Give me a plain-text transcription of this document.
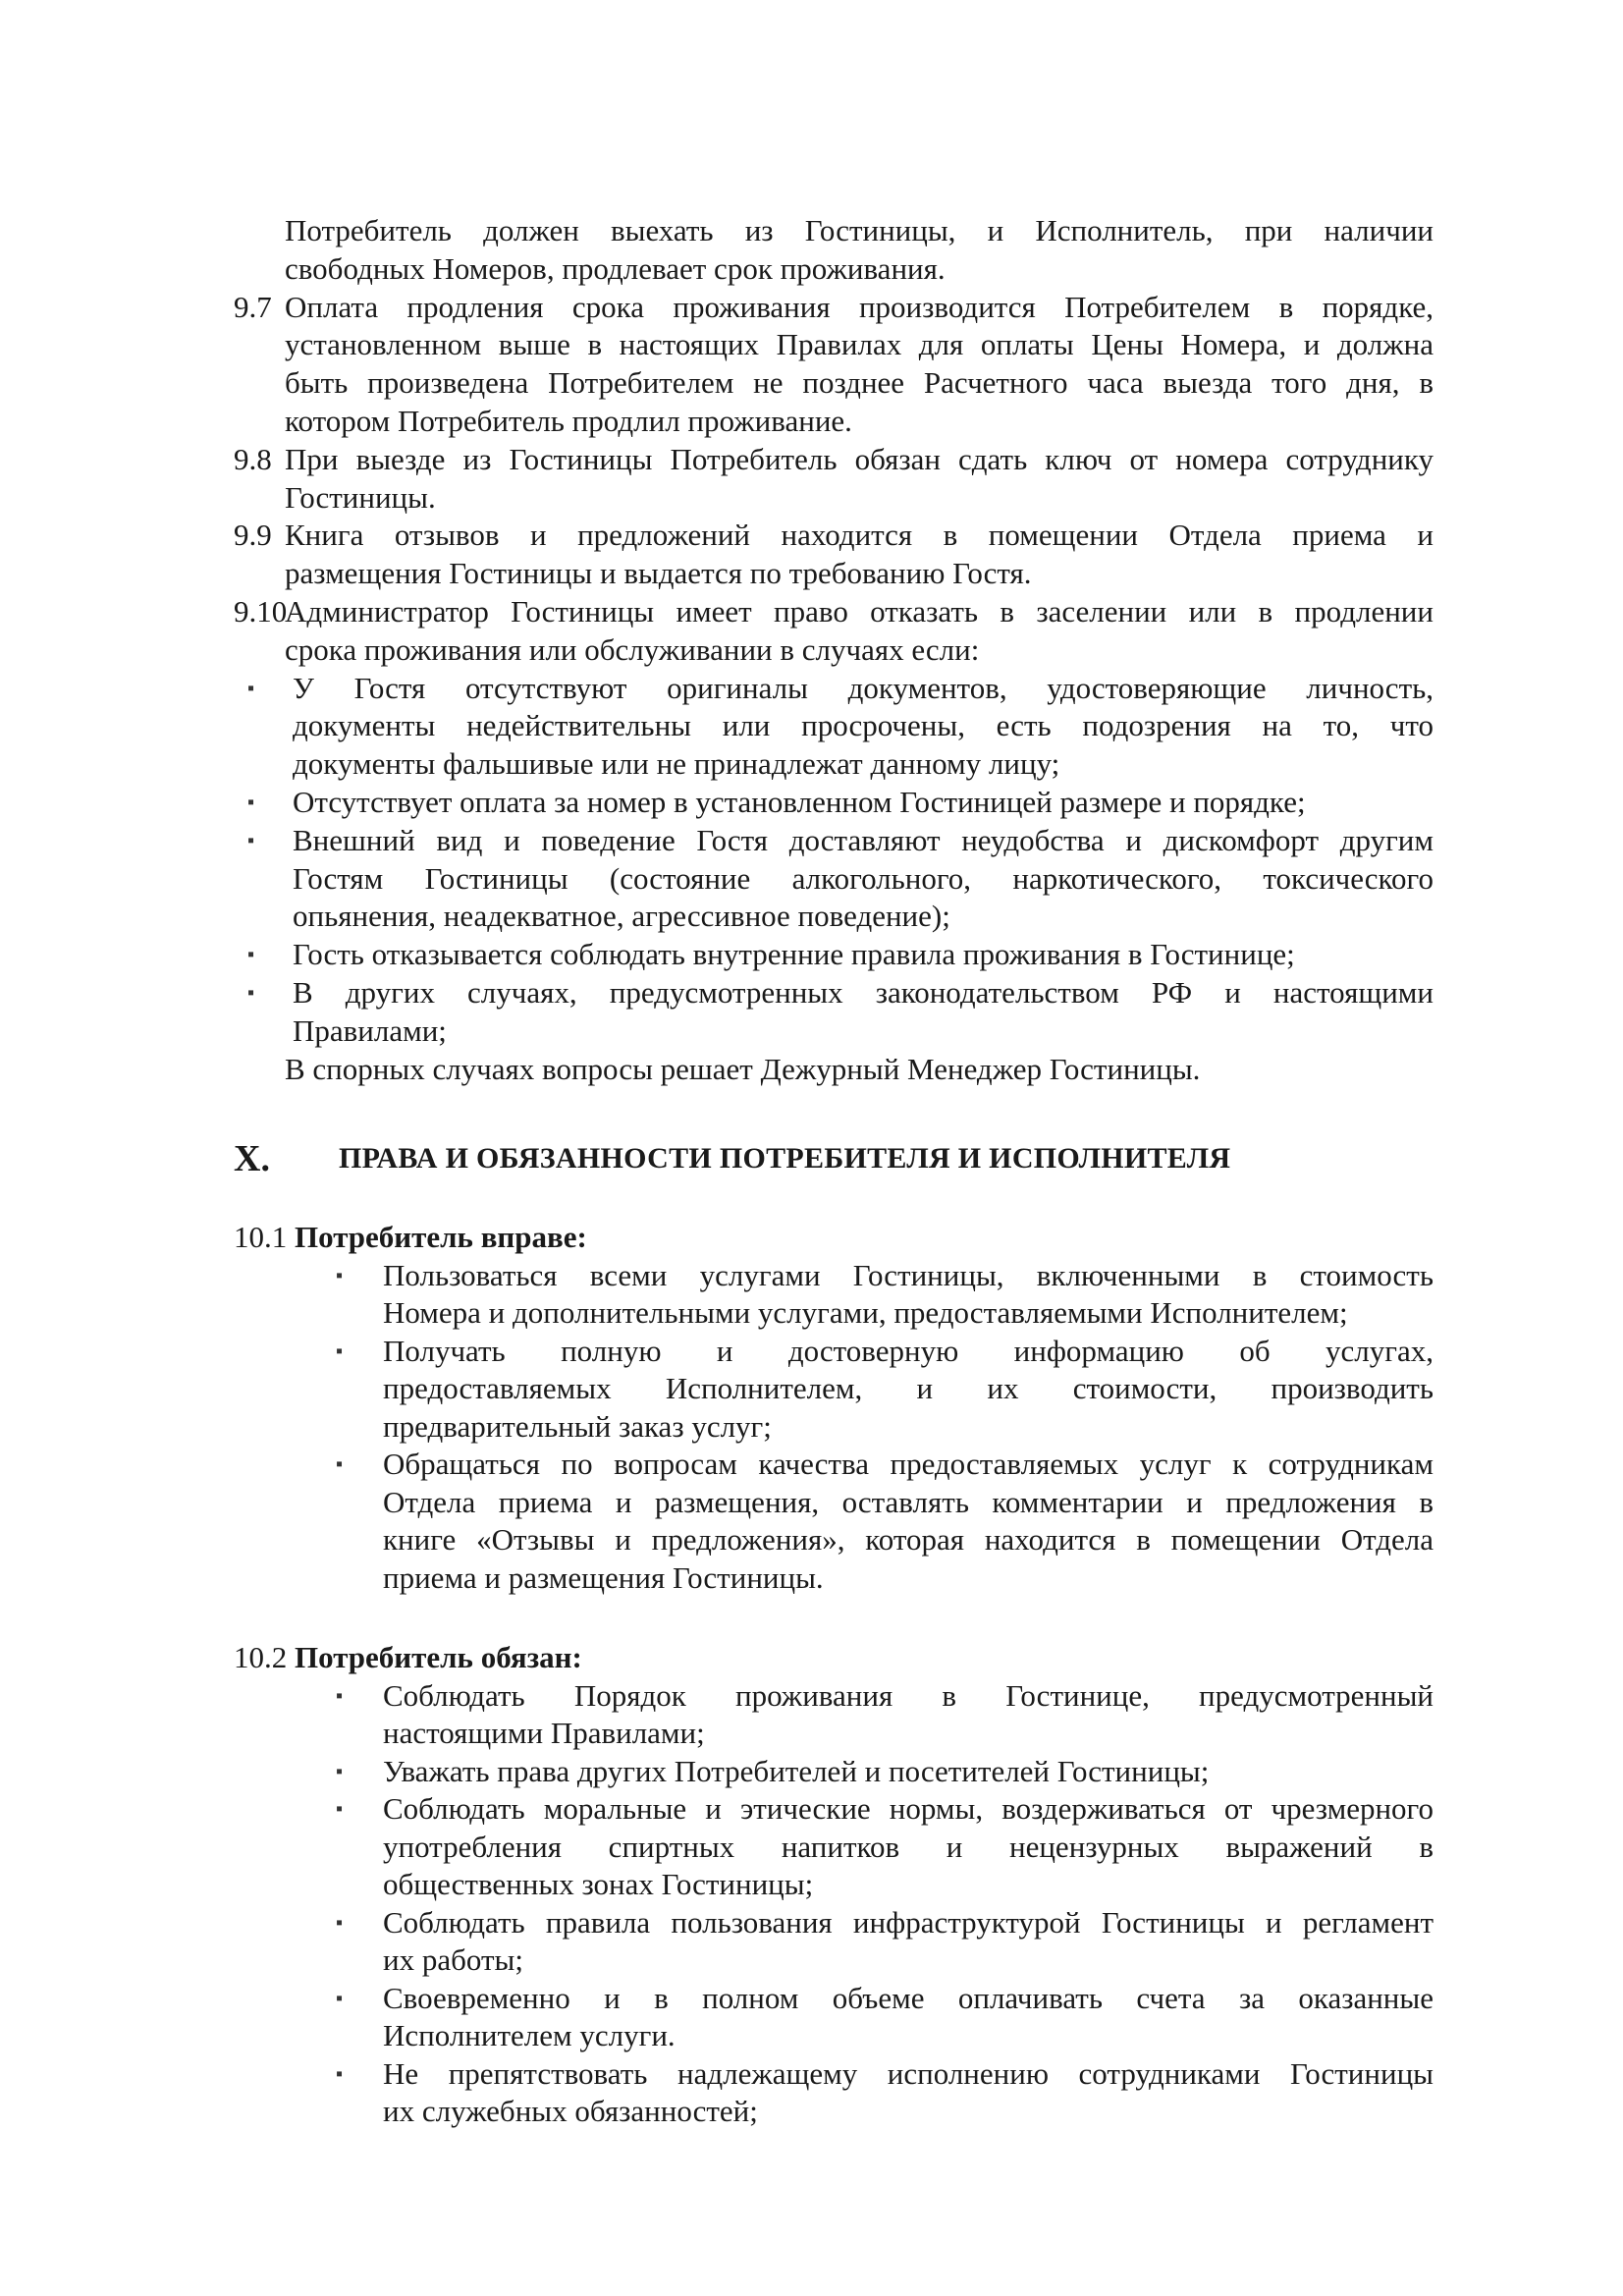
Потребитель должен выехать из Гостиницы, и Исполнитель, при наличии
свободных Номеров, продлевает срок проживания.
9.7 Оплата продления срока проживания производится Потребителем в порядке,
установленном выше в настоящих Правилах для оплаты Цены Номера, и должна
быть произведена Потребителем не позднее Расчетного часа выезда того дня, в
котором Потребитель продлил проживание.
9.8 При выезде из Гостиницы Потребитель обязан сдать ключ от номера сотруднику
Гостиницы.
9.9 Книга отзывов и предложений находится в помещении Отдела приема и
размещения Гостиницы и выдается по требованию Гостя.
9.10
Администратор Гостиницы имеет право отказать в заселении или в продлении
срока проживания или обслуживании в случаях если:
▪ У Гостя отсутствуют оригиналы документов, удостоверяющие личность,
документы недействительны или просрочены, есть подозрения на то, что
документы фальшивые или не принадлежат данному лицу;
▪ Отсутствует оплата за номер в установленном Гостиницей размере и порядке;
▪ Внешний вид и поведение Гостя доставляют неудобства и дискомфорт другим
Гостям Гостиницы (состояние алкогольного, наркотического, токсического
опьянения, неадекватное, агрессивное поведение);
▪ Гость отказывается соблюдать внутренние правила проживания в Гостинице;
▪ В других случаях, предусмотренных законодательством РФ и настоящими
Правилами;
В спорных случаях вопросы решает Дежурный Менеджер Гостиницы.
X. ПРАВА И ОБЯЗАННОСТИ ПОТРЕБИТЕЛЯ И ИСПОЛНИТЕЛЯ
10.1 Потребитель вправе:
▪ Пользоваться всеми услугами Гостиницы, включенными в стоимость
Номера и дополнительными услугами, предоставляемыми Исполнителем;
▪ Получать полную и достоверную информацию об услугах,
предоставляемых Исполнителем, и их стоимости, производить
предварительный заказ услуг;
▪ Обращаться по вопросам качества предоставляемых услуг к сотрудникам
Отдела приема и размещения, оставлять комментарии и предложения в
книге «Отзывы и предложения», которая находится в помещении Отдела
приема и размещения Гостиницы.
10.2 Потребитель обязан:
▪ Соблюдать Порядок проживания в Гостинице, предусмотренный
настоящими Правилами;
▪ Уважать права других Потребителей и посетителей Гостиницы;
▪ Соблюдать моральные и этические нормы, воздерживаться от чрезмерного
употребления спиртных напитков и нецензурных выражений в
общественных зонах Гостиницы;
▪ Соблюдать правила пользования инфраструктурой Гостиницы и регламент
их работы;
▪ Своевременно и в полном объеме оплачивать счета за оказанные
Исполнителем услуги.
▪ Не препятствовать надлежащему исполнению сотрудниками Гостиницы
их служебных обязанностей;
